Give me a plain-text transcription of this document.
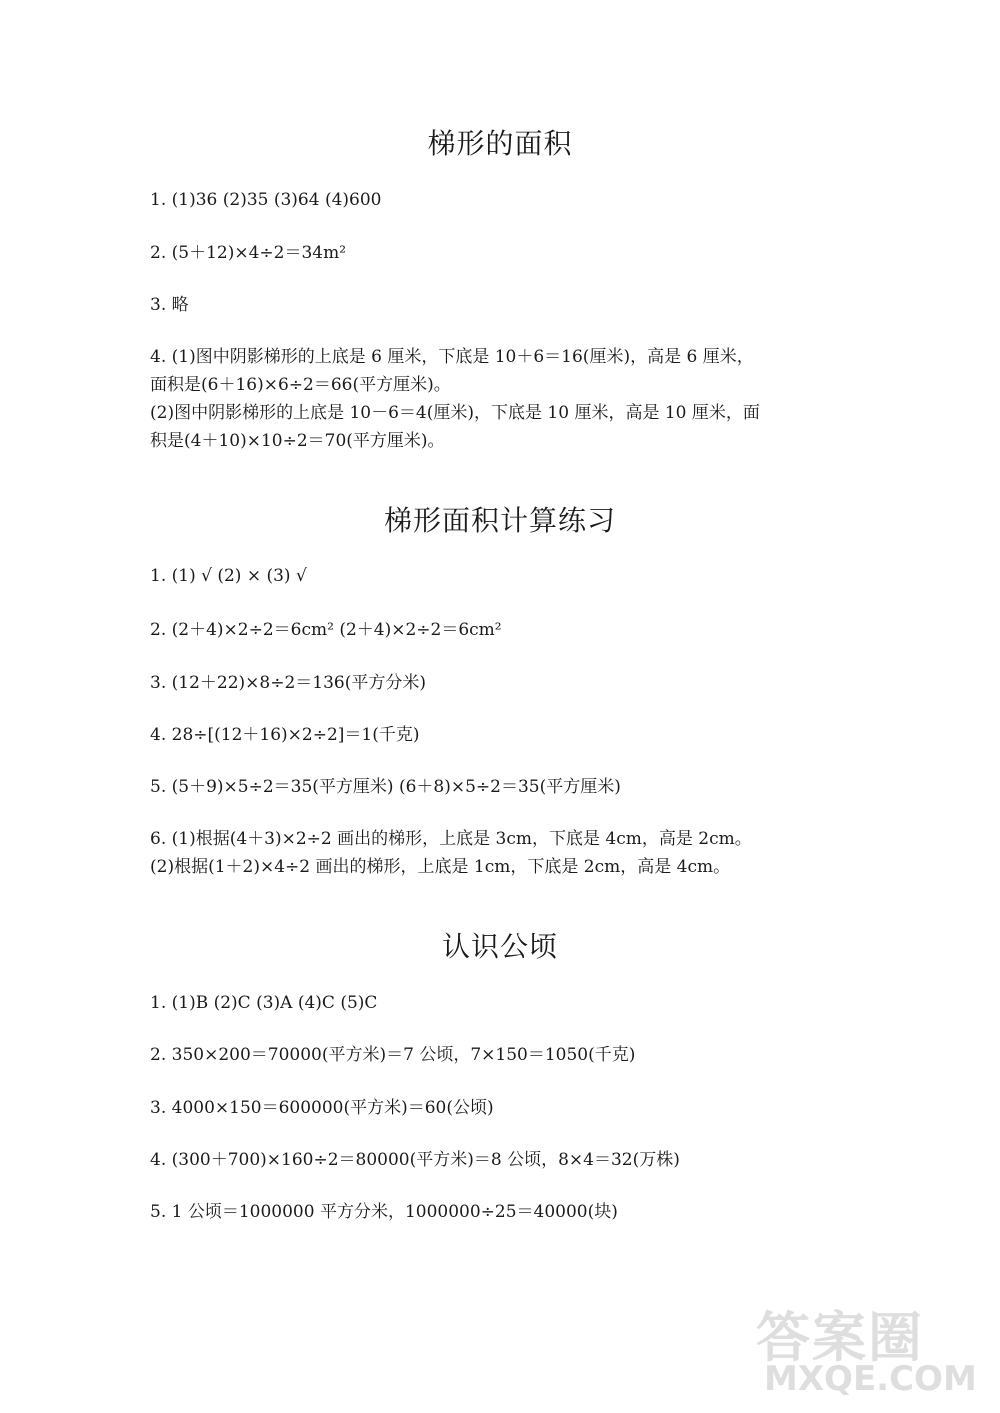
梯形的面积
1. (1)36 (2)35 (3)64 (4)600
2. (5＋12)×4÷2＝34m²
3. 略
4. (1)图中阴影梯形的上底是 6 厘米，下底是 10＋6＝16(厘米)，高是 6 厘米，
面积是(6＋16)×6÷2＝66(平方厘米)。
(2)图中阴影梯形的上底是 10－6＝4(厘米)，下底是 10 厘米，高是 10 厘米，面
积是(4＋10)×10÷2＝70(平方厘米)。
梯形面积计算练习
1. (1) √ (2) × (3) √
2. (2＋4)×2÷2＝6cm² (2＋4)×2÷2＝6cm²
3. (12＋22)×8÷2＝136(平方分米)
4. 28÷[(12＋16)×2÷2]＝1(千克)
5. (5＋9)×5÷2＝35(平方厘米) (6＋8)×5÷2＝35(平方厘米)
6. (1)根据(4＋3)×2÷2 画出的梯形，上底是 3cm，下底是 4cm，高是 2cm。
(2)根据(1＋2)×4÷2 画出的梯形，上底是 1cm，下底是 2cm，高是 4cm。
认识公顷
1. (1)B (2)C (3)A (4)C (5)C
2. 350×200＝70000(平方米)＝7 公顷，7×150＝1050(千克)
3. 4000×150＝600000(平方米)＝60(公顷)
4. (300＋700)×160÷2＝80000(平方米)＝8 公顷，8×4＝32(万株)
5. 1 公顷＝1000000 平方分米，1000000÷25＝40000(块)
答案圈
MXQE.COM
